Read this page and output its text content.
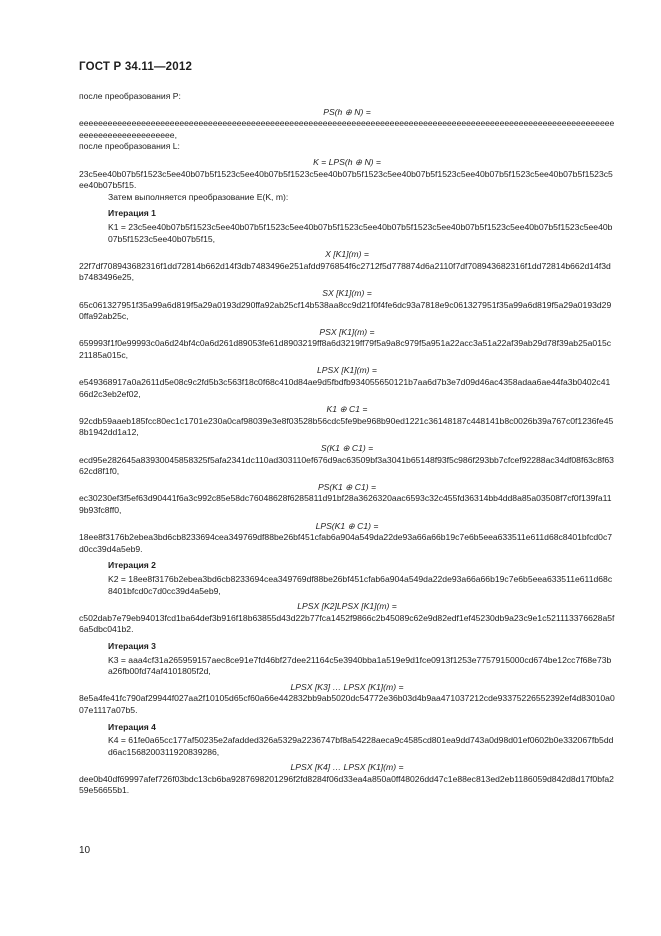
ГОСТ Р 34.11—2012

после преобразования P:

PS(h ⊕ N) =

eeeeeeeeeeeeeeeeeeeeeeeeeeeeeeeeeeeeeeeeeeeeeeeeeeeeeeeeeeeeeeeeeeeeeeeeeeeeeeeeeeeeeeeeeeeeeeeeeeeeeeeeeeeeeeeeeeeeeeeeeeeeeeeeeeee,

после преобразования L:

K = LPS(h ⊕ N) =

23c5ee40b07b5f1523c5ee40b07b5f1523c5ee40b07b5f1523c5ee40b07b5f1523c5ee40b07b5f1523c5ee40b07b5f1523c5ee40b07b5f1523c5ee40b07b5f15.

Затем выполняется преобразование E(K, m):

Итерация 1

K1 = 23c5ee40b07b5f1523c5ee40b07b5f1523c5ee40b07b5f1523c5ee40b07b5f1523c5ee40b07b5f1523c5ee40b07b5f1523c5ee40b07b5f1523c5ee40b07b5f15,

X [K1](m) =

22f7df708943682316f1dd72814b662d14f3db7483496e251afdd976854f6c2712f5d778874d6a2110f7df708943682316f1dd72814b662d14f3db7483496e25,

SX [K1](m) =

65c061327951f35a99a6d819f5a29a0193d290ffa92ab25cf14b538aa8cc9d21f0f4fe6dc93a7818e9c061327951f35a99a6d819f5a29a0193d290ffa92ab25c,

PSX [K1](m) =

659993f1f0e99993c0a6d24bf4c0a6d261d89053fe61d8903219ff8a6d3219ff79f5a9a8c979f5a951a22acc3a51a22af39ab29d78f39ab25a015c21185a015c,

LPSX [K1](m) =

e549368917a0a2611d5e08c9c2fd5b3c563f18c0f68c410d84ae9d5fbdfb934055650121b7aa6d7b3e7d09d46ac4358adaa6ae44fa3b0402c4166d2c3eb2ef02,

K1 ⊕ C1 =

92cdb59aaeb185fcc80ec1c1701e230a0caf98039e3e8f03528b56cdc5fe9be968b90ed1221c36148187c448141b8c0026b39a767c0f1236fe458b1942dd1a12,

S(K1 ⊕ C1) =

ecd95e282645a83930045858325f5afa2341dc110ad303110ef676d9ac63509bf3a3041b65148f93f5c986f293bb7cfcef92288ac34df08f63c8f6362cd8f1f0,

PS(K1 ⊕ C1) =

ec30230ef3f5ef63d90441f6a3c992c85e58dc76048628f6285811d91bf28a3626320aac6593c32c455fd36314bb4dd8a85a03508f7cf0f139fa119b93fc8ff0,

LPS(K1 ⊕ C1) =

18ee8f3176b2ebea3bd6cb8233694cea349769df88be26bf451cfab6a904a549da22de93a66a66b19c7e6b5eea633511e611d68c8401bfcd0c7d0cc39d4a5eb9.

Итерация 2

K2 = 18ee8f3176b2ebea3bd6cb8233694cea349769df88be26bf451cfab6a904a549da22de93a66a66b19c7e6b5eea633511e611d68c8401bfcd0c7d0cc39d4a5eb9,

LPSX [K2]LPSX [K1](m) =

c502dab7e79eb94013fcd1ba64def3b916f18b63855d43d22b77fca1452f9866c2b45089c62e9d82edf1ef45230db9a23c9e1c521113376628a5f6a5dbc041b2.

Итерация 3

K3 = aaa4cf31a265959157aec8ce91e7fd46bf27dee21164c5e3940bba1a519e9d1fce0913f1253e7757915000cd674be12cc7f68e73ba26fb00fd74af4101805f2d,

LPSX [K3] … LPSX [K1](m) =

8e5a4fe41fc790af29944f027aa2f10105d65cf60a66e442832bb9ab5020dc54772e36b03d4b9aa471037212cde93375226552392ef4d83010a007e1117a07b5.

Итерация 4

K4 = 61fe0a65cc177af50235e2afadded326a5329a2236747bf8a54228aeca9c4585cd801ea9dd743a0d98d01ef0602b0e332067fb5ddd6ac1568200311920839286,

LPSX [K4] … LPSX [K1](m) =

dee0b40df69997afef726f03bdc13cb6ba9287698201296f2fd8284f06d33ea4a850a0ff48026dd47c1e88ec813ed2eb1186059d842d8d17f0bfa259e56655b1.

10
